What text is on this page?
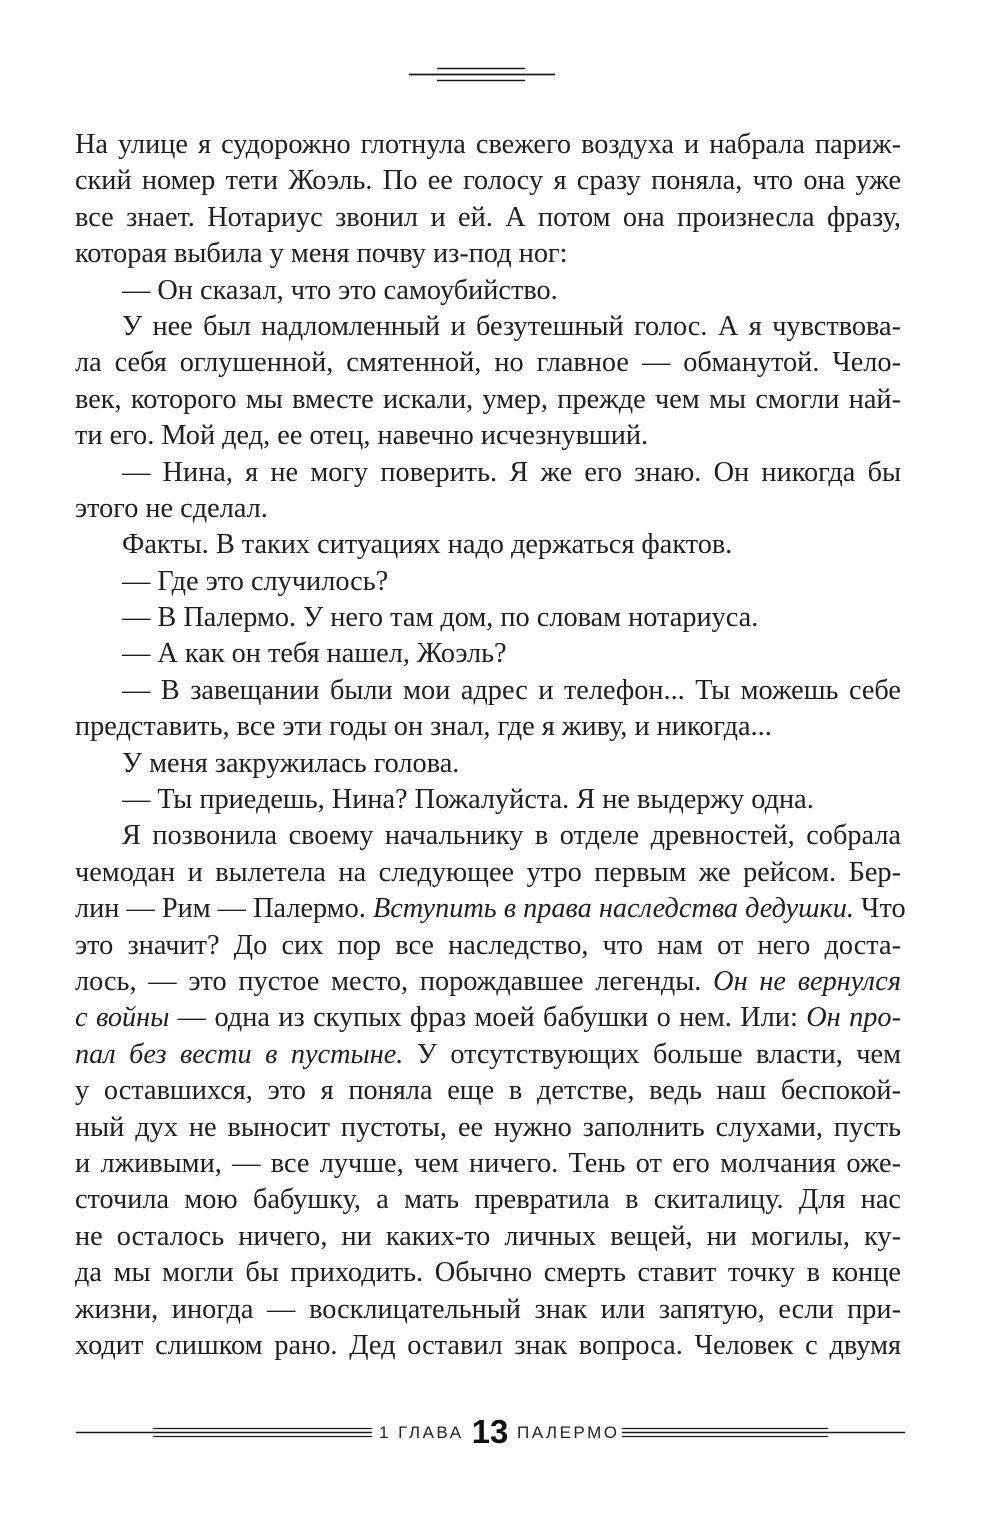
На улице я судорожно глотнула свежего воздуха и набрала париж-
ский номер тети Жоэль. По ее голосу я сразу поняла, что она уже
все знает. Нотариус звонил и ей. А потом она произнесла фразу,
которая выбила у меня почву из-под ног:
— Он сказал, что это самоубийство.
У нее был надломленный и безутешный голос. А я чувствова-
ла себя оглушенной, смятенной, но главное — обманутой. Чело-
век, которого мы вместе искали, умер, прежде чем мы смогли най-
ти его. Мой дед, ее отец, навечно исчезнувший.
— Нина, я не могу поверить. Я же его знаю. Он никогда бы
этого не сделал.
Факты. В таких ситуациях надо держаться фактов.
— Где это случилось?
— В Палермо. У него там дом, по словам нотариуса.
— А как он тебя нашел, Жоэль?
— В завещании были мои адрес и телефон... Ты можешь себе
представить, все эти годы он знал, где я живу, и никогда...
У меня закружилась голова.
— Ты приедешь, Нина? Пожалуйста. Я не выдержу одна.
Я позвонила своему начальнику в отделе древностей, собрала
чемодан и вылетела на следующее утро первым же рейсом. Бер-
лин — Рим — Палермо. Вступить в права наследства дедушки. Что
это значит? До сих пор все наследство, что нам от него доста-
лось, — это пустое место, порождавшее легенды. Он не вернулся
с войны — одна из скупых фраз моей бабушки о нем. Или: Он про-
пал без вести в пустыне. У отсутствующих больше власти, чем
у оставшихся, это я поняла еще в детстве, ведь наш беспокой-
ный дух не выносит пустоты, ее нужно заполнить слухами, пусть
и лживыми, — все лучше, чем ничего. Тень от его молчания оже-
сточила мою бабушку, а мать превратила в скиталицу. Для нас
не осталось ничего, ни каких-то личных вещей, ни могилы, ку-
да мы могли бы приходить. Обычно смерть ставит точку в конце
жизни, иногда — восклицательный знак или запятую, если при-
ходит слишком рано. Дед оставил знак вопроса. Человек с двумя
1 ГЛАВА 13 ПАЛЕРМО
